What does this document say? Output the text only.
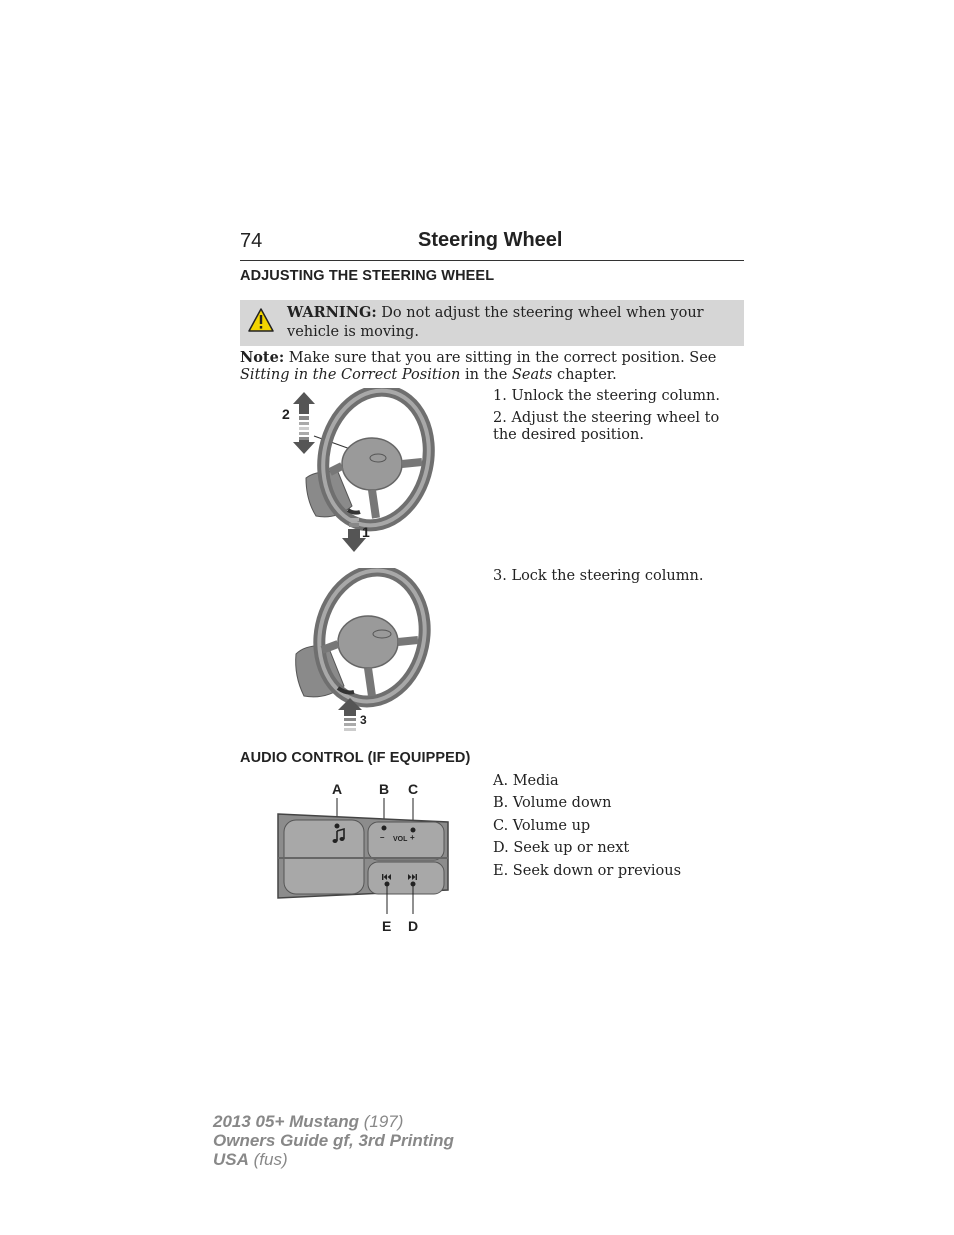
74	Steering Wheel
ADJUSTING THE STEERING WHEEL
WARNING: Do not adjust the steering wheel when your vehicle is moving.
Note: Make sure that you are sitting in the correct position. See Sitting in the Correct Position in the Seats chapter.
1. Unlock the steering column.
2. Adjust the steering wheel to the desired position.
3. Lock the steering column.
2
1
3
AUDIO CONTROL (IF EQUIPPED)
A	B C
– VOL +
E D
A. Media
B. Volume down
C. Volume up
D. Seek up or next
E. Seek down or previous
2013 05+ Mustang (197)
Owners Guide gf, 3rd Printing
USA (fus)
